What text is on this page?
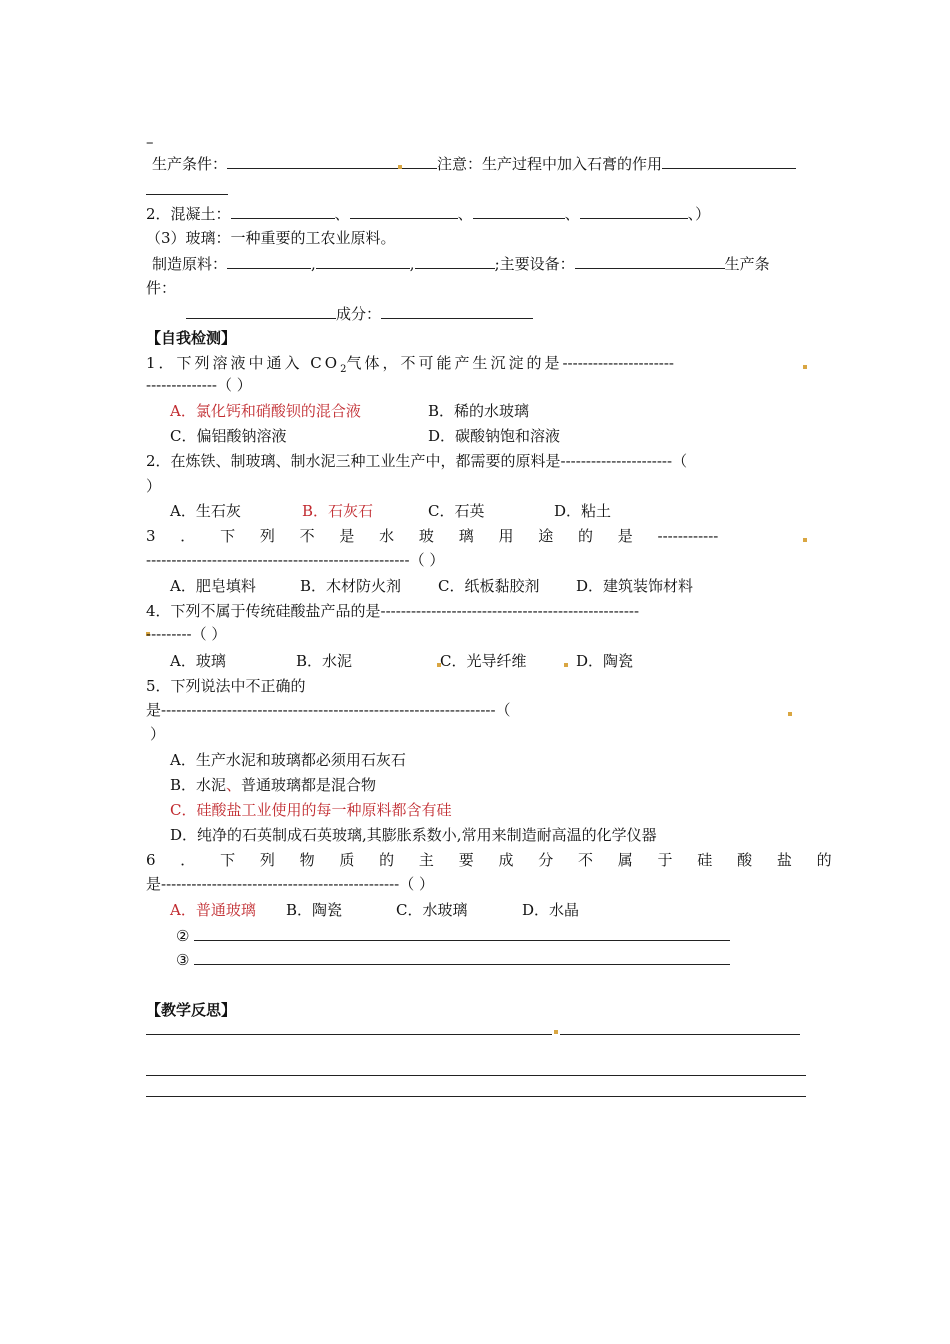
–
生产条件：	注意：生产过程中加入石膏的作用
2．混凝土：	、	、	、	、）
（3）玻璃：一种重要的工农业原料。
制造原料：	,	,	;主要设备：	生产条
件：
成分：
【自我检测】
1．下列溶液中通入 $CO_2$气体，不可能产生沉淀的是----------------------
--------------（ ）
A．氯化钙和硝酸钡的混合液	B．稀的水玻璃
C．偏铝酸钠溶液	D．碳酸钠饱和溶液
2．在炼铁、制玻璃、制水泥三种工业生产中，都需要的原料是----------------------（
）
A．生石灰	B．石灰石	C．石英	D．粘土
3 ． 下 列 不 是 水 玻 璃 用 途 的 是 ------------
----------------------------------------------------（ ）
A．肥皂填料	B．木材防火剂 C．纸板黏胶剂 D．建筑装饰材料
4．下列不属于传统硅酸盐产品的是---------------------------------------------------
---------（ ）
A．玻璃	B．水泥	C．光导纤维	D．陶瓷
5．下列说法中不正确的
是------------------------------------------------------------------（
）
A．生产水泥和玻璃都必须用石灰石
B．水泥、普通玻璃都是混合物
C．硅酸盐工业使用的每一种原料都含有硅
D．纯净的石英制成石英玻璃,其膨胀系数小,常用来制造耐高温的化学仪器
6 ． 下 列 物 质 的 主 要 成 分 不 属 于 硅 酸 盐 的
是-----------------------------------------------（ ）
A．普通玻璃 B．陶瓷	C．水玻璃	D．水晶
②
③
【教学反思】
